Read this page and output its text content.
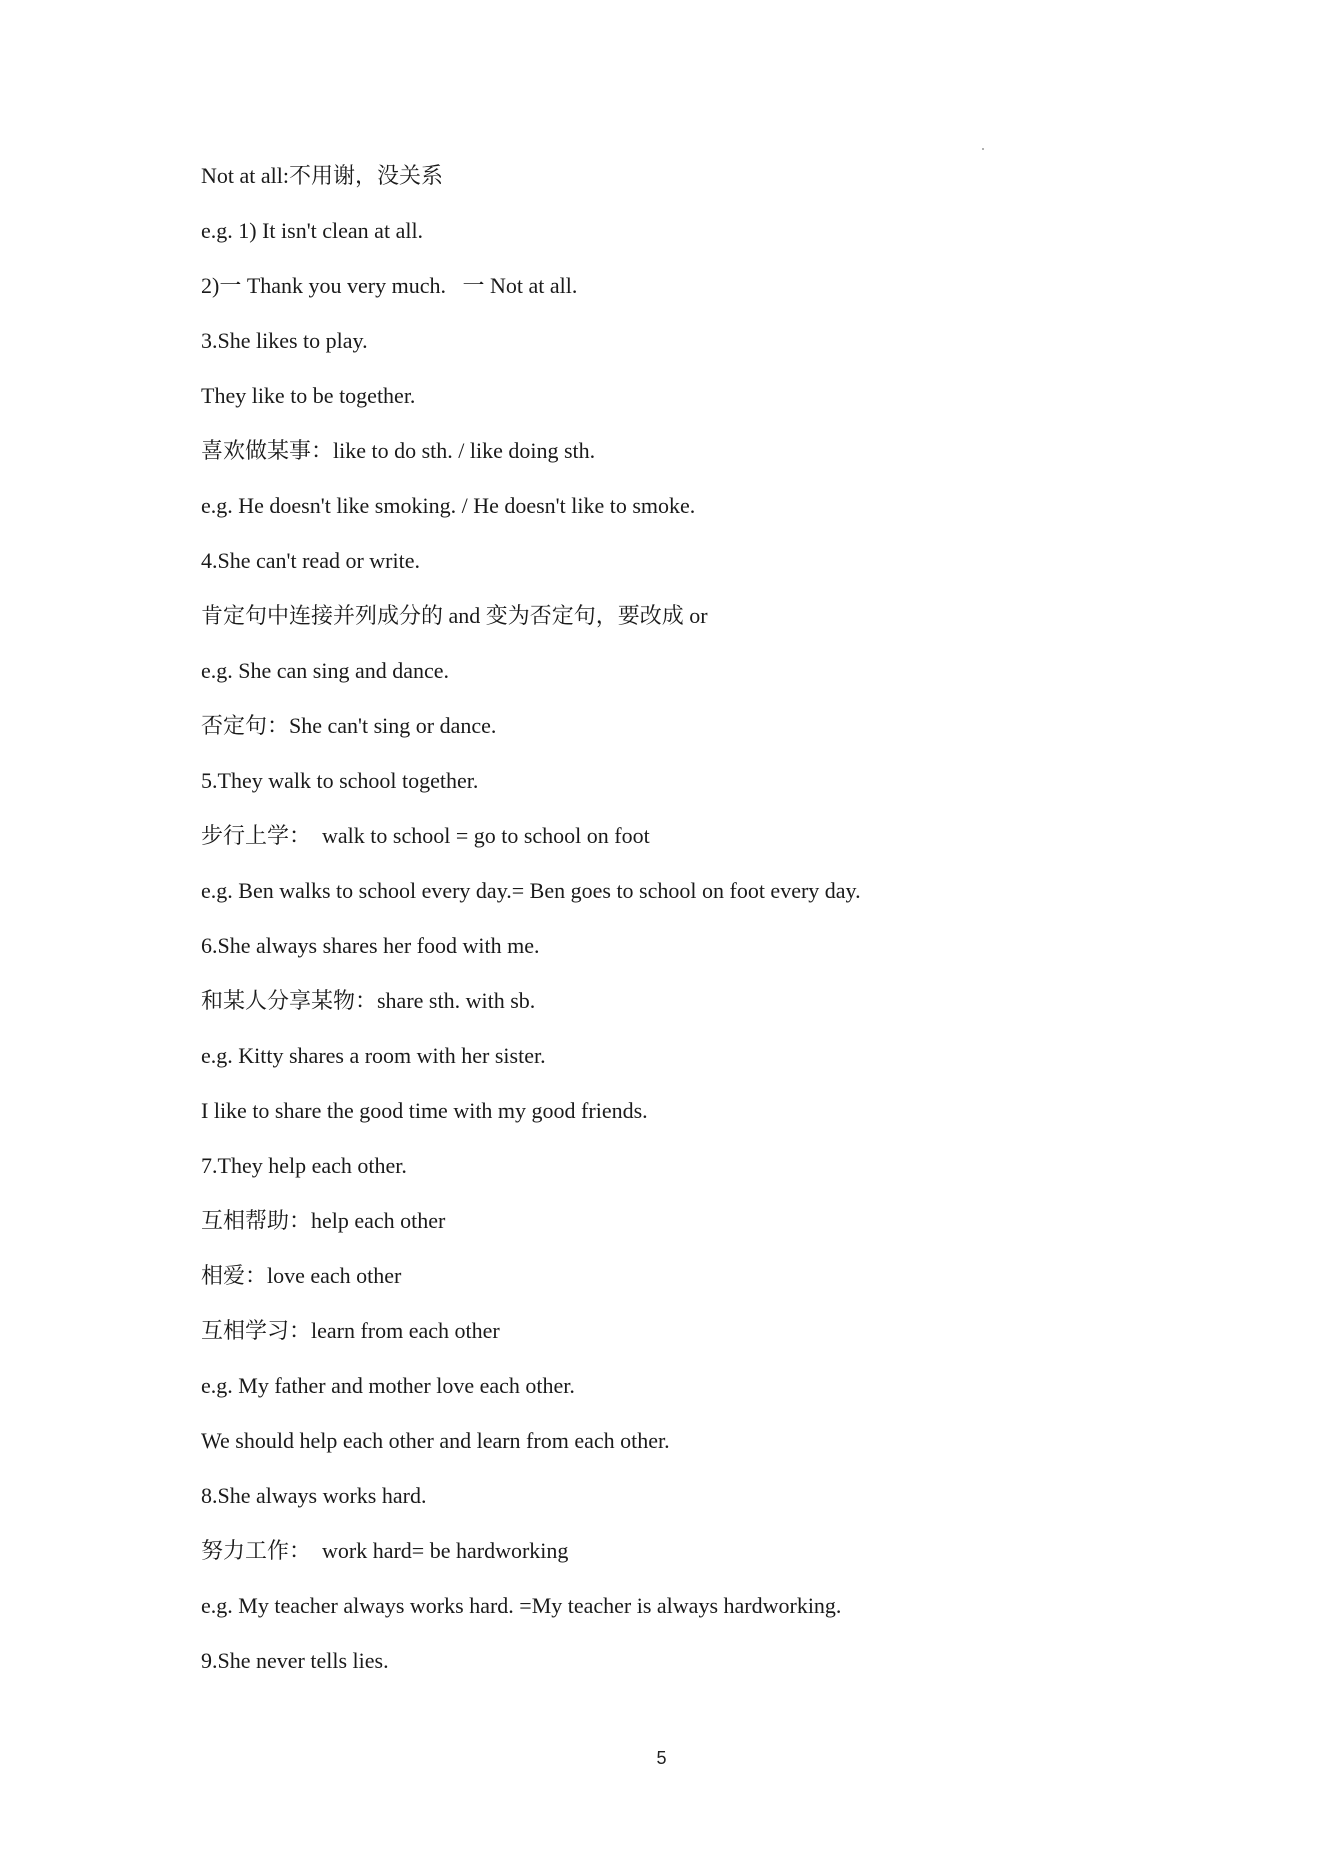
Not at all:不用谢，没关系
e.g. 1) It isn't clean at all.
2)一 Thank you very much.   一 Not at all.
3.She likes to play.
They like to be together.
喜欢做某事：like to do sth. / like doing sth.
e.g. He doesn't like smoking. / He doesn't like to smoke.
4.She can't read or write.
肯定句中连接并列成分的 and 变为否定句，要改成 or
e.g. She can sing and dance.
否定句：She can't sing or dance.
5.They walk to school together.
步行上学：  walk to school = go to school on foot
e.g. Ben walks to school every day.= Ben goes to school on foot every day.
6.She always shares her food with me.
和某人分享某物：share sth. with sb.
e.g. Kitty shares a room with her sister.
I like to share the good time with my good friends.
7.They help each other.
互相帮助：help each other
相爱：love each other
互相学习：learn from each other
e.g. My father and mother love each other.
We should help each other and learn from each other.
8.She always works hard.
努力工作：  work hard= be hardworking
e.g. My teacher always works hard. =My teacher is always hardworking.
9.She never tells lies.
5
